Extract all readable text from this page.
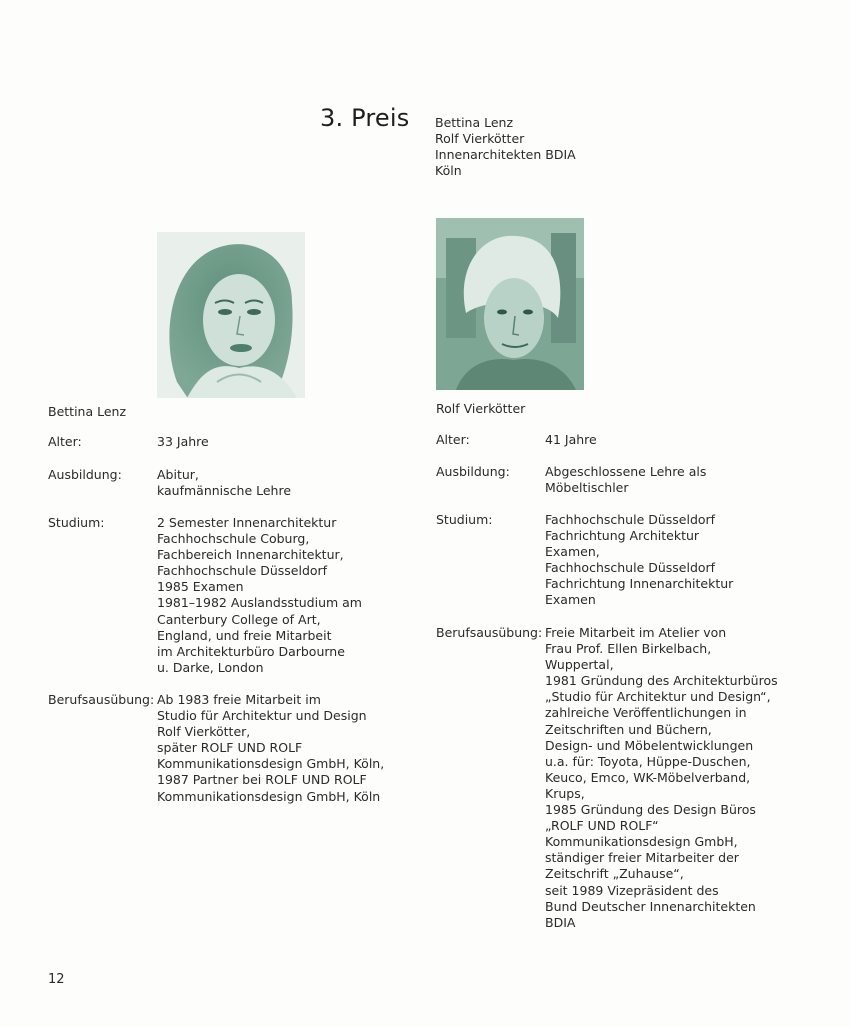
3. Preis Bettina Lenz
Rolf Vierkötter
Innenarchitekten BDIA
Köln
Bettina Lenz
Alter:	33 Jahre
Ausbildung:	Abitur,
kaufmännische Lehre
Studium:	2 Semester Innenarchitektur
Fachhochschule Coburg,
Fachbereich Innenarchitektur,
Fachhochschule Düsseldorf
1985 Examen
1981–1982 Auslandsstudium am
Canterbury College of Art,
England, und freie Mitarbeit
im Architekturbüro Darbourne
u. Darke, London
Berufsausübung: Ab 1983 freie Mitarbeit im
Studio für Architektur und Design
Rolf Vierkötter,
später ROLF UND ROLF
Kommunikationsdesign GmbH, Köln,
1987 Partner bei ROLF UND ROLF
Kommunikationsdesign GmbH, Köln
Rolf Vierkötter
Alter:	41 Jahre
Ausbildung:	Abgeschlossene Lehre als
Möbeltischler
Studium:	Fachhochschule Düsseldorf
Fachrichtung Architektur
Examen,
Fachhochschule Düsseldorf
Fachrichtung Innenarchitektur
Examen
Berufsausübung: Freie Mitarbeit im Atelier von
Frau Prof. Ellen Birkelbach,
Wuppertal,
1981 Gründung des Architekturbüros
„Studio für Architektur und Design“,
zahlreiche Veröffentlichungen in
Zeitschriften und Büchern,
Design- und Möbelentwicklungen
u.a. für: Toyota, Hüppe-Duschen,
Keuco, Emco, WK-Möbelverband,
Krups,
1985 Gründung des Design Büros
„ROLF UND ROLF“
Kommunikationsdesign GmbH,
ständiger freier Mitarbeiter der
Zeitschrift „Zuhause“,
seit 1989 Vizepräsident des
Bund Deutscher Innenarchitekten
BDIA
12
